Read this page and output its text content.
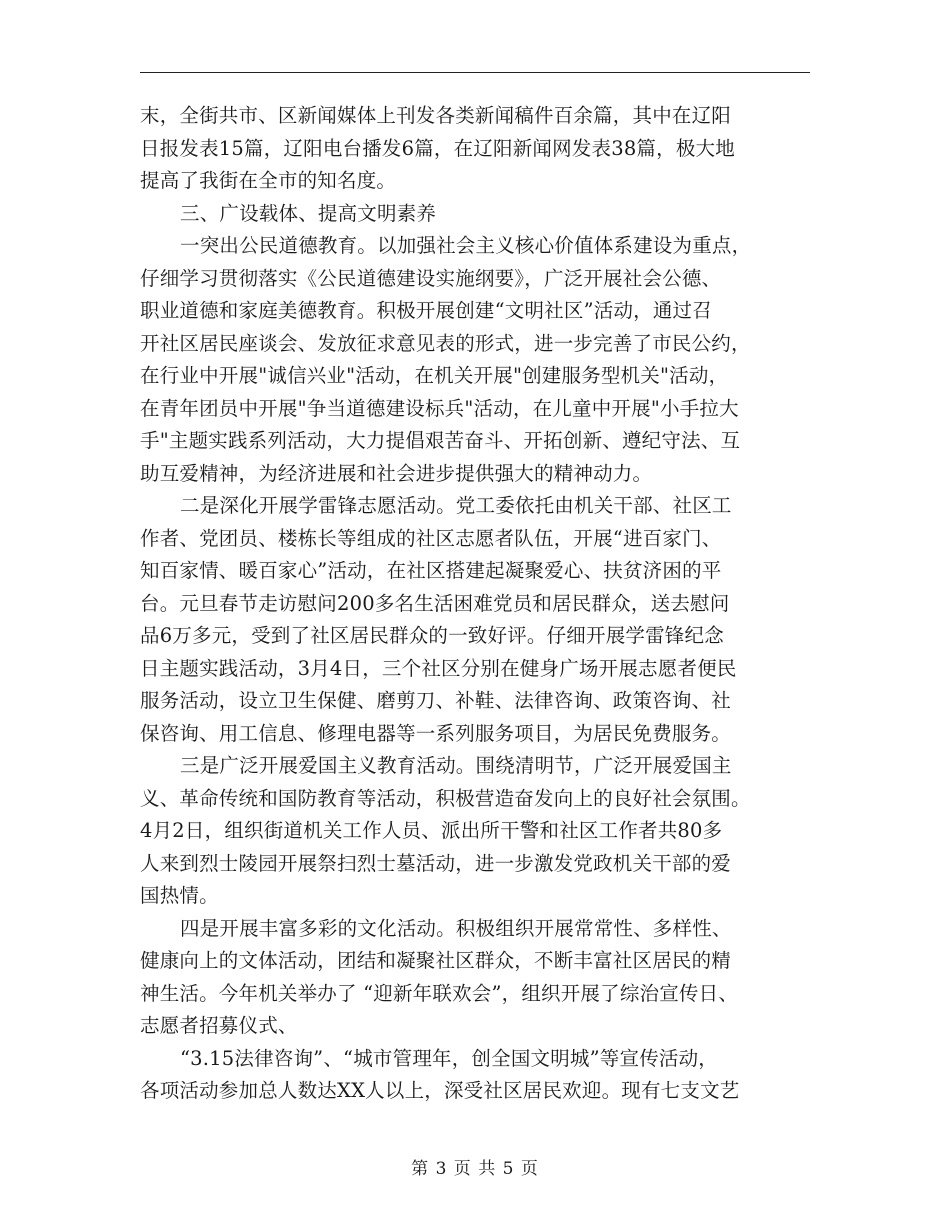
末，全街共市、区新闻媒体上刊发各类新闻稿件百余篇，其中在辽阳
日报发表15篇，辽阳电台播发6篇，在辽阳新闻网发表38篇，极大地
提高了我街在全市的知名度。
三、广设载体、提高文明素养
一突出公民道德教育。以加强社会主义核心价值体系建设为重点，
仔细学习贯彻落实《公民道德建设实施纲要》，广泛开展社会公德、
职业道德和家庭美德教育。积极开展创建“文明社区”活动，通过召
开社区居民座谈会、发放征求意见表的形式，进一步完善了市民公约，
在行业中开展"诚信兴业"活动，在机关开展"创建服务型机关"活动，
在青年团员中开展"争当道德建设标兵"活动，在儿童中开展"小手拉大
手"主题实践系列活动，大力提倡艰苦奋斗、开拓创新、遵纪守法、互
助互爱精神，为经济进展和社会进步提供强大的精神动力。
二是深化开展学雷锋志愿活动。党工委依托由机关干部、社区工
作者、党团员、楼栋长等组成的社区志愿者队伍，开展“进百家门、
知百家情、暖百家心”活动，在社区搭建起凝聚爱心、扶贫济困的平
台。元旦春节走访慰问200多名生活困难党员和居民群众，送去慰问
品6万多元，受到了社区居民群众的一致好评。仔细开展学雷锋纪念
日主题实践活动，3月4日，三个社区分别在健身广场开展志愿者便民
服务活动，设立卫生保健、磨剪刀、补鞋、法律咨询、政策咨询、社
保咨询、用工信息、修理电器等一系列服务项目，为居民免费服务。
三是广泛开展爱国主义教育活动。围绕清明节，广泛开展爱国主
义、革命传统和国防教育等活动，积极营造奋发向上的良好社会氛围。
4月2日，组织街道机关工作人员、派出所干警和社区工作者共80多
人来到烈士陵园开展祭扫烈士墓活动，进一步激发党政机关干部的爱
国热情。
四是开展丰富多彩的文化活动。积极组织开展常常性、多样性、
健康向上的文体活动，团结和凝聚社区群众，不断丰富社区居民的精
神生活。今年机关举办了 “迎新年联欢会”，组织开展了综治宣传日、
志愿者招募仪式、
“3.15法律咨询”、“城市管理年，创全国文明城”等宣传活动，
各项活动参加总人数达XX人以上，深受社区居民欢迎。现有七支文艺
第 3 页 共 5 页
